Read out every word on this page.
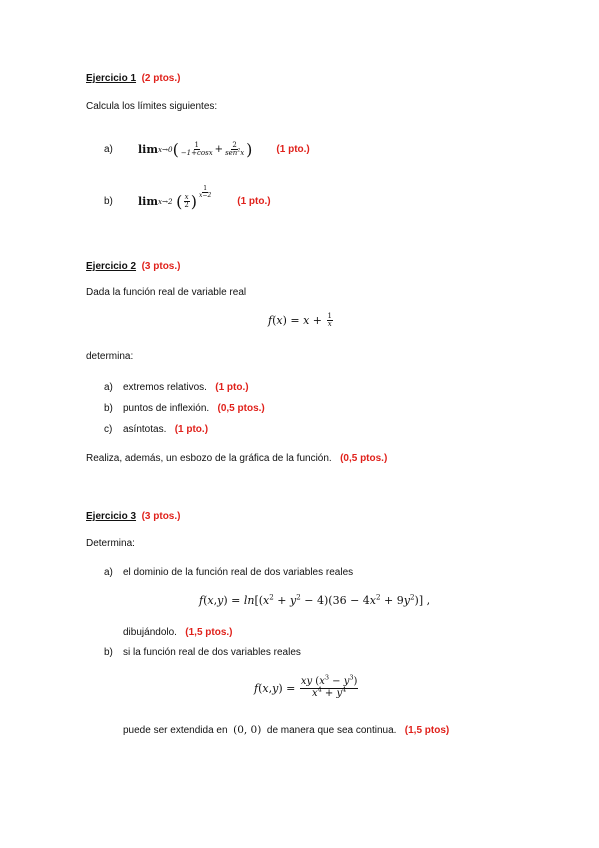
Ejercicio 1 (2 ptos.)
Calcula los límites siguientes:
a)	lim x→0 ( $\frac{1}{-1+\cos x} + \frac{2}{sen^2x}$ ) (1 pto.)
b)	lim x→2
( $\frac{x}{2}$ ) $\frac{1}{x-2}$
(1 pto.)
Ejercicio 2 (3 ptos.)
Dada la función real de variable real
f ( x ) = $x + \frac{1}{x}$
determina:
a) extremos relativos. (1 pto.)
b) puntos de inflexión. (0,5 ptos.)
c) asíntotas. (1 pto.)
Realiza, además, un esbozo de la gráfica de la función. (0,5 ptos.)
Ejercicio 3 (3 ptos.)
Determina:
a) el dominio de la función real de dos variables reales
$f(x,y) = \ln[(x^2 + y^2 - 4)(36 - 4x^2 + 9y^2)]$ ,
dibujándolo. (1,5 ptos.)
b) si la función real de dos variables reales
f ( x , y ) = $\frac{xy (x^3 - y^3)}{x^4 + y^4}$
puede ser extendida en (0, 0) de manera que sea continua. (1,5 ptos)
